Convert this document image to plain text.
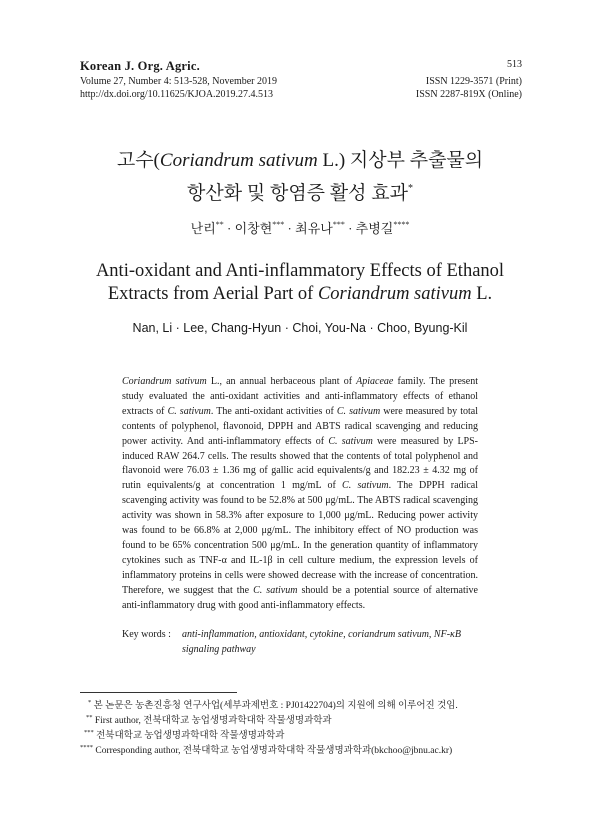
Korean J. Org. Agric.
Volume 27, Number 4: 513-528, November 2019
http://dx.doi.org/10.11625/KJOA.2019.27.4.513
513
ISSN 1229-3571 (Print)
ISSN 2287-819X (Online)
고수(Coriandrum sativum L.) 지상부 추출물의
항산화 및 항염증 활성 효과*
난리** · 이창현*** · 최유나*** · 추병길****
Anti-oxidant and Anti-inflammatory Effects of Ethanol
Extracts from Aerial Part of Coriandrum sativum L.
Nan, Li · Lee, Chang-Hyun · Choi, You-Na · Choo, Byung-Kil
Coriandrum sativum L., an annual herbaceous plant of Apiaceae family. The present study evaluated the anti-oxidant activities and anti-inflammatory effects of ethanol extracts of C. sativum. The anti-oxidant activities of C. sativum were measured by total contents of polyphenol, flavonoid, DPPH and ABTS radical scavenging and reducing power activity. And anti-inflammatory effects of C. sativum were measured by LPS-induced RAW 264.7 cells. The results showed that the contents of total polyphenol and flavonoid were 76.03 ± 1.36 mg of gallic acid equivalents/g and 182.23 ± 4.32 mg of rutin equivalents/g at concentration 1 mg/mL of C. sativum. The DPPH radical scavenging activity was found to be 52.8% at 500 μg/mL. The ABTS radical scavenging activity was shown in 58.3% after exposure to 1,000 μg/mL. Reducing power activity was found to be 66.8% at 2,000 μg/mL. The inhibitory effect of NO production was found to be 65% concentration 500 μg/mL. In the generation quantity of inflammatory cytokines such as TNF-α and IL-1β in cell culture medium, the expression levels of inflammatory proteins in cells were showed decrease with the increase of concentration. Therefore, we suggest that the C. sativum should be a potential source of alternative anti-inflammatory drug with good anti-inflammatory effects.
Key words : anti-inflammation, antioxidant, cytokine, coriandrum sativum, NF-κB signaling pathway
* 본 논문은 농촌진흥청 연구사업(세부과제번호 : PJ01422704)의 지원에 의해 이루어진 것임.
** First author, 전북대학교 농업생명과학대학 작물생명과학과
*** 전북대학교 농업생명과학대학 작물생명과학과
**** Corresponding author, 전북대학교 농업생명과학대학 작물생명과학과(bkchoo@jbnu.ac.kr)
